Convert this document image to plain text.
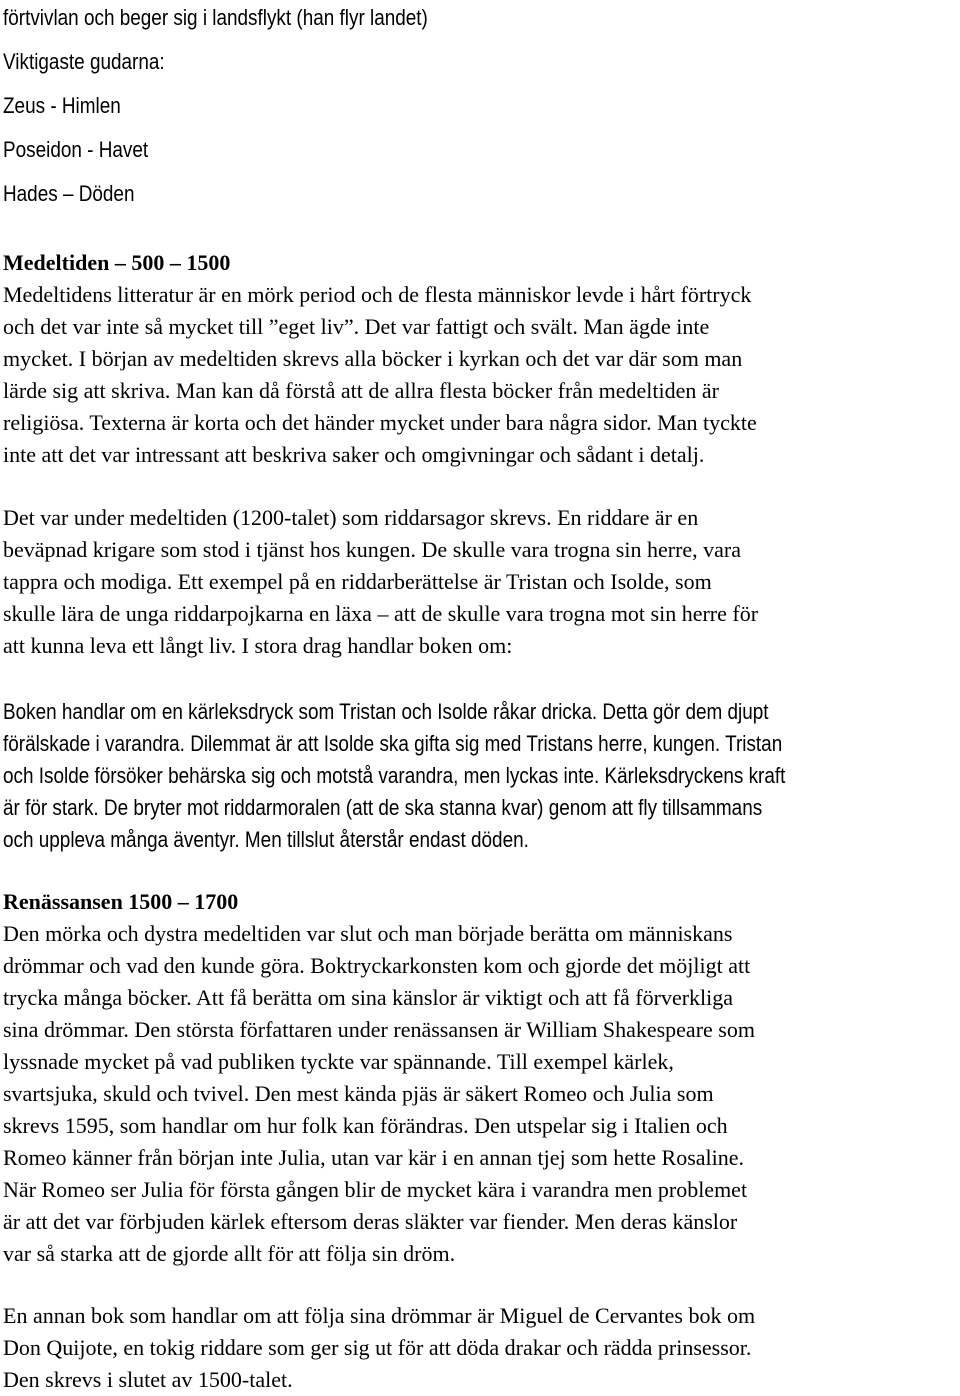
förtvivlan och beger sig i landsflykt (han flyr landet)
Viktigaste gudarna:
Zeus - Himlen
Poseidon - Havet
Hades – Döden
Medeltiden – 500 – 1500
Medeltidens litteratur är en mörk period och de flesta människor levde i hårt förtryck
och det var inte så mycket till ”eget liv”. Det var fattigt och svält. Man ägde inte
mycket. I början av medeltiden skrevs alla böcker i kyrkan och det var där som man
lärde sig att skriva. Man kan då förstå att de allra flesta böcker från medeltiden är
religiösa. Texterna är korta och det händer mycket under bara några sidor. Man tyckte
inte att det var intressant att beskriva saker och omgivningar och sådant i detalj.
Det var under medeltiden (1200-talet) som riddarsagor skrevs. En riddare är en
beväpnad krigare som stod i tjänst hos kungen. De skulle vara trogna sin herre, vara
tappra och modiga. Ett exempel på en riddarberättelse är Tristan och Isolde, som
skulle lära de unga riddarpojkarna en läxa – att de skulle vara trogna mot sin herre för
att kunna leva ett långt liv. I stora drag handlar boken om:
Boken handlar om en kärleksdryck som Tristan och Isolde råkar dricka. Detta gör dem djupt
förälskade i varandra. Dilemmat är att Isolde ska gifta sig med Tristans herre, kungen. Tristan
och Isolde försöker behärska sig och motstå varandra, men lyckas inte. Kärleksdryckens kraft
är för stark. De bryter mot riddarmoralen (att de ska stanna kvar) genom att fly tillsammans
och uppleva många äventyr. Men tillslut återstår endast döden.
Renässansen 1500 – 1700
Den mörka och dystra medeltiden var slut och man började berätta om människans
drömmar och vad den kunde göra. Boktryckarkonsten kom och gjorde det möjligt att
trycka många böcker. Att få berätta om sina känslor är viktigt och att få förverkliga
sina drömmar. Den största författaren under renässansen är William Shakespeare som
lyssnade mycket på vad publiken tyckte var spännande. Till exempel kärlek,
svartsjuka, skuld och tvivel. Den mest kända pjäs är säkert Romeo och Julia som
skrevs 1595, som handlar om hur folk kan förändras. Den utspelar sig i Italien och
Romeo känner från början inte Julia, utan var kär i en annan tjej som hette Rosaline.
När Romeo ser Julia för första gången blir de mycket kära i varandra men problemet
är att det var förbjuden kärlek eftersom deras släkter var fiender. Men deras känslor
var så starka att de gjorde allt för att följa sin dröm.
En annan bok som handlar om att följa sina drömmar är Miguel de Cervantes bok om
Don Quijote, en tokig riddare som ger sig ut för att döda drakar och rädda prinsessor.
Den skrevs i slutet av 1500-talet.
